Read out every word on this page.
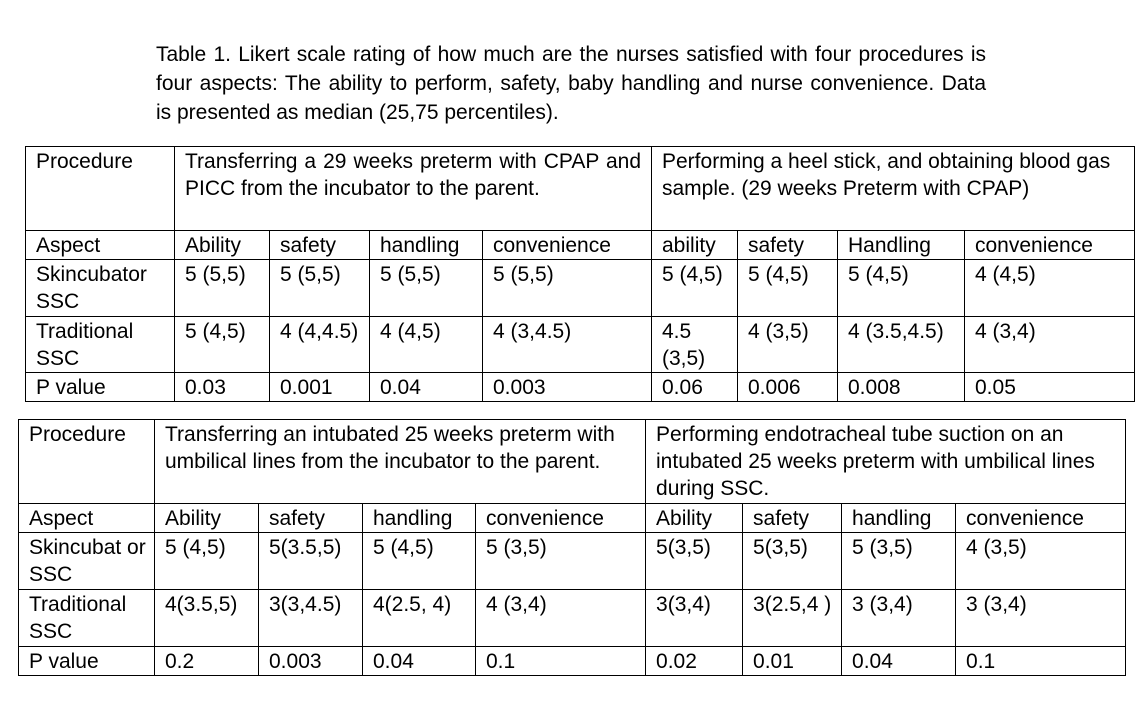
Table 1. Likert scale rating of how much are the nurses satisfied with four procedures is four aspects: The ability to perform, safety, baby handling and nurse convenience. Data is presented as median (25,75 percentiles).

Procedure	Transferring a 29 weeks preterm with CPAP and PICC from the incubator to the parent.				Performing a heel stick, and obtaining blood gas sample. (29 weeks Preterm with CPAP)			
Aspect	Ability	safety	handling	convenience	ability	safety	Handling	convenience
Skincubator SSC	5 (5,5)	5 (5,5)	5 (5,5)	5 (5,5)	5 (4,5)	5 (4,5)	5 (4,5)	4 (4,5)
Traditional SSC	5 (4,5)	4 (4,4.5)	4 (4,5)	4 (3,4.5)	4.5 (3,5)	4 (3,5)	4 (3.5,4.5)	4 (3,4)
P value	0.03	0.001	0.04	0.003	0.06	0.006	0.008	0.05
Procedure	Transferring an intubated 25 weeks preterm with umbilical lines from the incubator to the parent.				Performing endotracheal tube suction on an intubated 25 weeks preterm with umbilical lines during SSC.			
Aspect	Ability	safety	handling	convenience	Ability	safety	handling	convenience
Skincubat or SSC	5 (4,5)	5(3.5,5)	5 (4,5)	5 (3,5)	5(3,5)	5(3,5)	5 (3,5)	4 (3,5)
Traditional SSC	4(3.5,5)	3(3,4.5)	4(2.5, 4)	4 (3,4)	3(3,4)	3(2.5,4 )	3 (3,4)	3 (3,4)
P value	0.2	0.003	0.04	0.1	0.02	0.01	0.04	0.1
